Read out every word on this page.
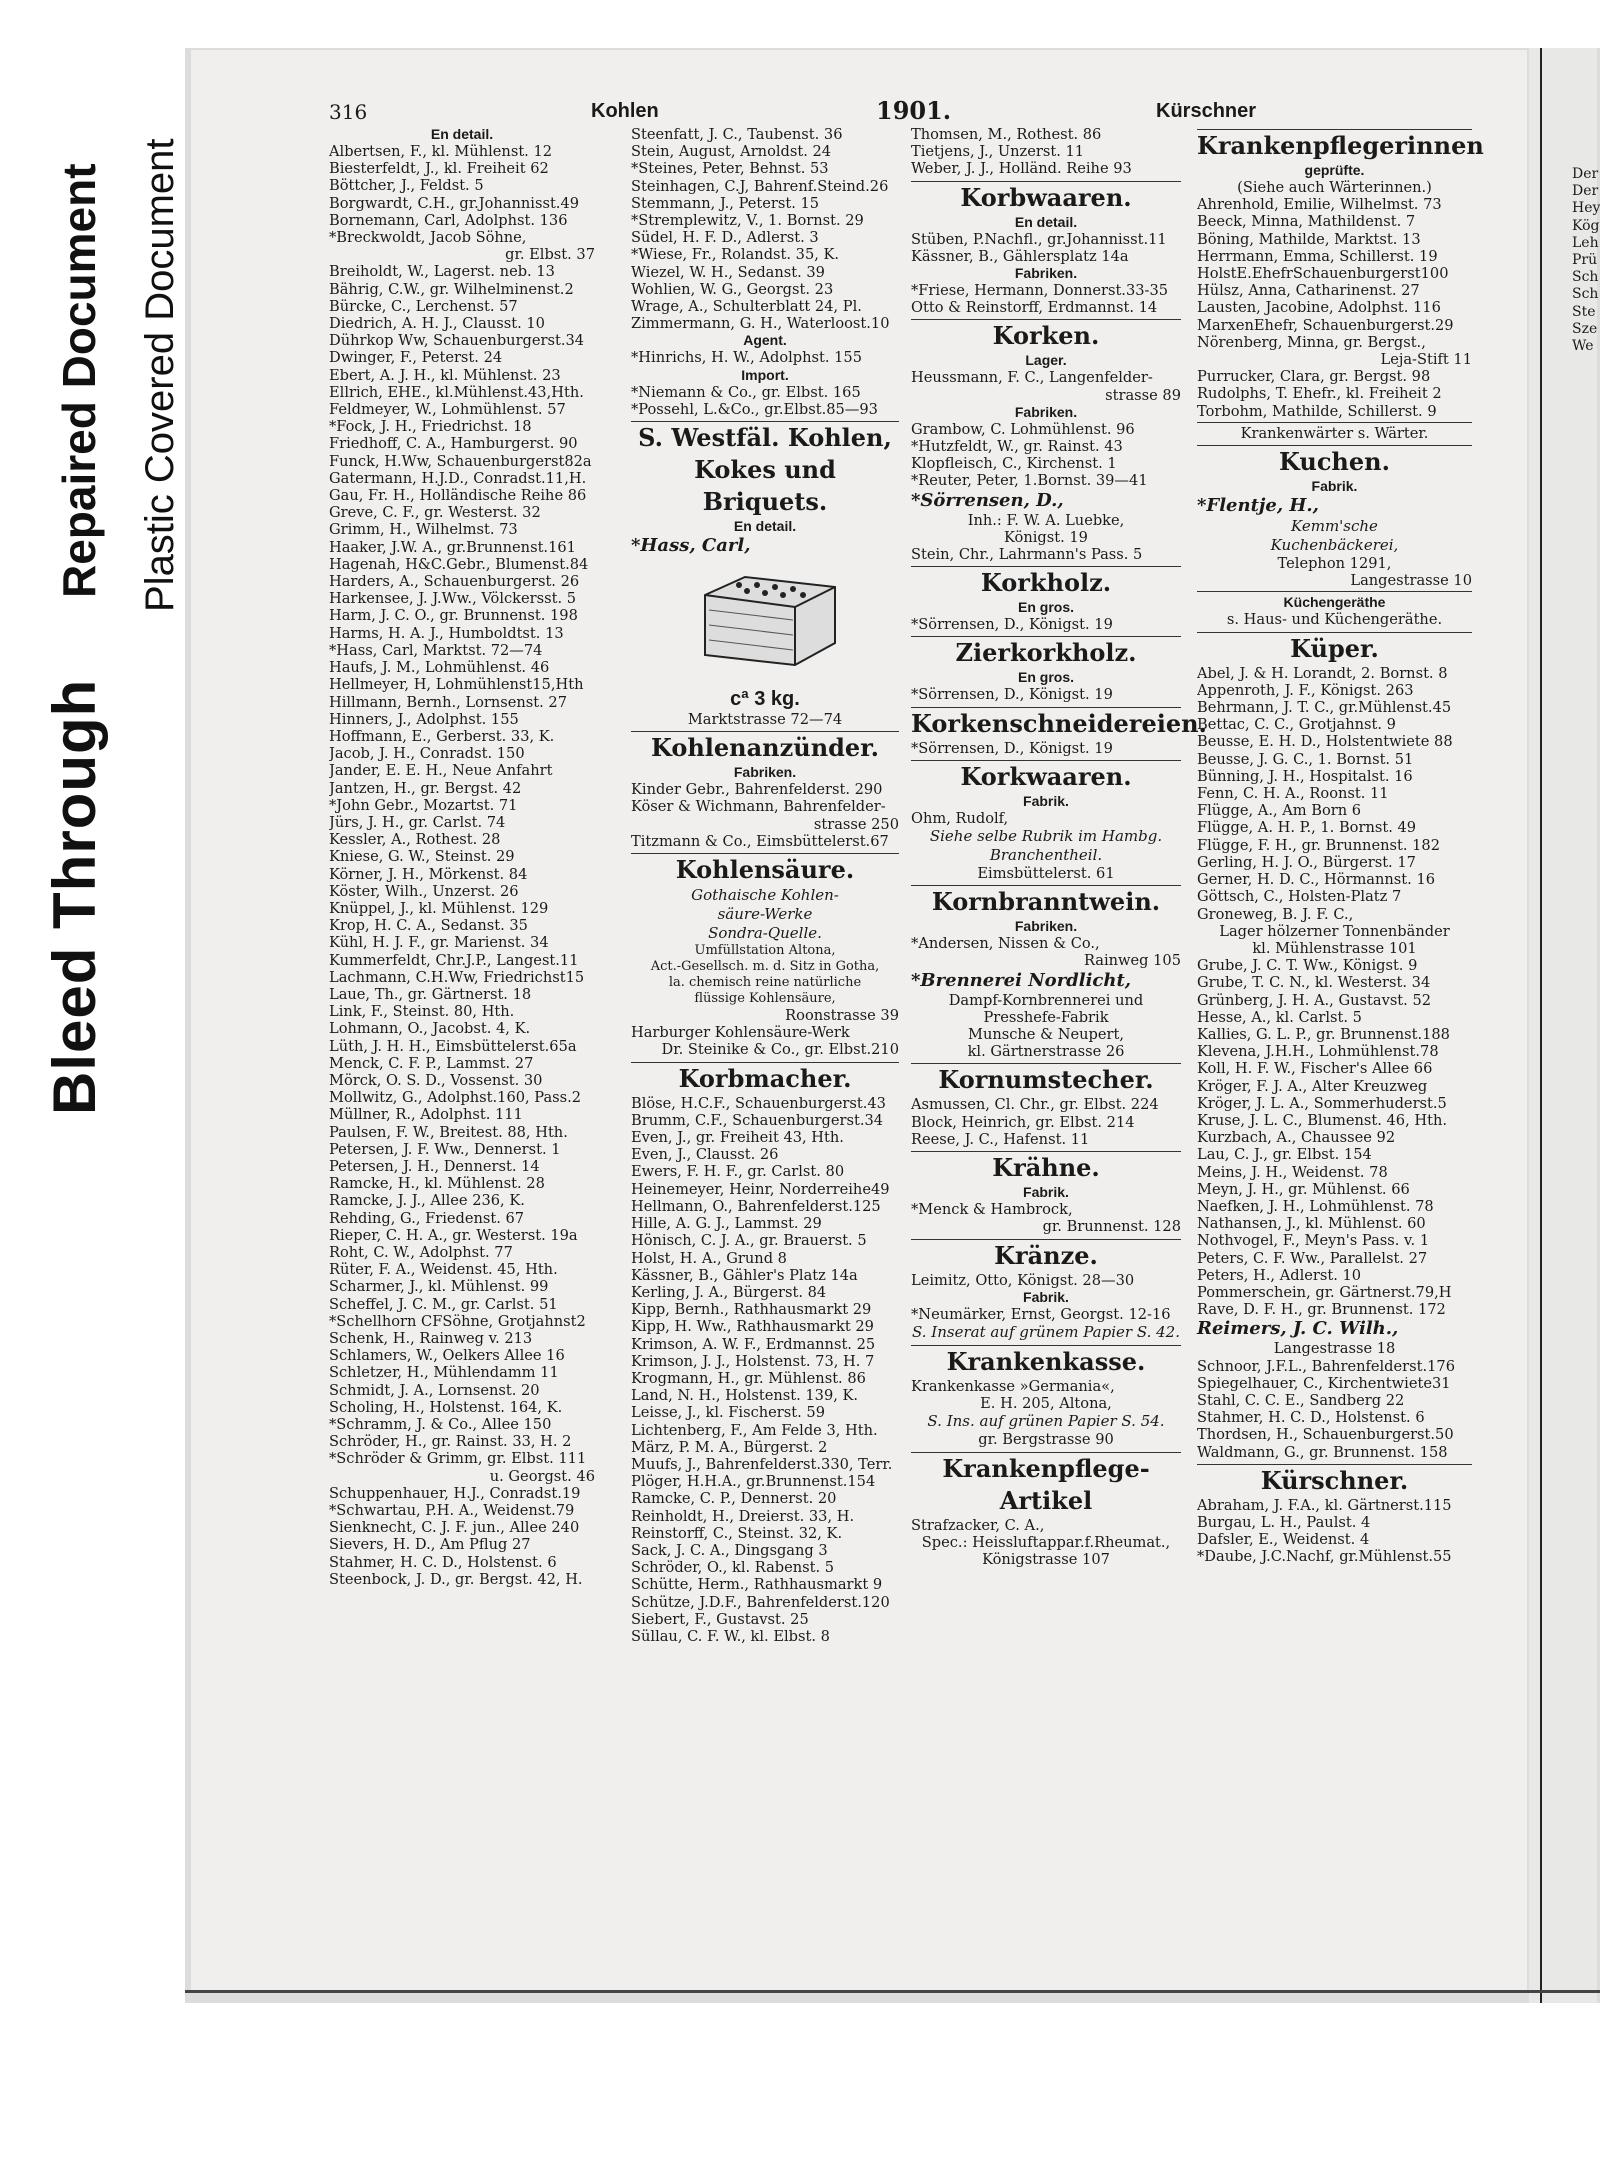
Bleed Through
Repaired Document Plastic Covered Document
316	Kohlen	1901.	Kürschner
En detail.
Albertsen, F., kl. Mühlenst. 12
Biesterfeldt, J., kl. Freiheit 62
Böttcher, J., Feldst. 5
Borgwardt, C.H., gr.Johannisst.49
Bornemann, Carl, Adolphst. 136
*Breckwoldt, Jacob Söhne,
gr. Elbst. 37
Breiholdt, W., Lagerst. neb. 13
Bährig, C.W., gr. Wilhelminenst.2
Bürcke, C., Lerchenst. 57
Diedrich, A. H. J., Clausst. 10
Dührkop Ww, Schauenburgerst.34
Dwinger, F., Peterst. 24
Ebert, A. J. H., kl. Mühlenst. 23
Ellrich, EHE., kl.Mühlenst.43,Hth.
Feldmeyer, W., Lohmühlenst. 57
*Fock, J. H., Friedrichst. 18
Friedhoff, C. A., Hamburgerst. 90
Funck, H.Ww, Schauenburgerst82a
Gatermann, H.J.D., Conradst.11,H.
Gau, Fr. H., Holländische Reihe 86
Greve, C. F., gr. Westerst. 32
Grimm, H., Wilhelmst. 73
Haaker, J.W. A., gr.Brunnenst.161
Hagenah, H&C.Gebr., Blumenst.84
Harders, A., Schauenburgerst. 26
Harkensee, J. J.Ww., Völckersst. 5
Harm, J. C. O., gr. Brunnenst. 198
Harms, H. A. J., Humboldtst. 13
*Hass, Carl, Marktst. 72—74
Haufs, J. M., Lohmühlenst. 46
Hellmeyer, H, Lohmühlenst15,Hth
Hillmann, Bernh., Lornsenst. 27
Hinners, J., Adolphst. 155
Hoffmann, E., Gerberst. 33, K.
Jacob, J. H., Conradst. 150
Jander, E. E. H., Neue Anfahrt
Jantzen, H., gr. Bergst. 42
*John Gebr., Mozartst. 71
Jürs, J. H., gr. Carlst. 74
Kessler, A., Rothest. 28
Kniese, G. W., Steinst. 29
Körner, J. H., Mörkenst. 84
Köster, Wilh., Unzerst. 26
Knüppel, J., kl. Mühlenst. 129
Krop, H. C. A., Sedanst. 35
Kühl, H. J. F., gr. Marienst. 34
Kummerfeldt, Chr.J.P., Langest.11
Lachmann, C.H.Ww, Friedrichst15
Laue, Th., gr. Gärtnerst. 18
Link, F., Steinst. 80, Hth.
Lohmann, O., Jacobst. 4, K.
Lüth, J. H. H., Eimsbüttelerst.65a
Menck, C. F. P., Lammst. 27
Mörck, O. S. D., Vossenst. 30
Mollwitz, G., Adolphst.160, Pass.2
Müllner, R., Adolphst. 111
Paulsen, F. W., Breitest. 88, Hth.
Petersen, J. F. Ww., Dennerst. 1
Petersen, J. H., Dennerst. 14
Ramcke, H., kl. Mühlenst. 28
Ramcke, J. J., Allee 236, K.
Rehding, G., Friedenst. 67
Rieper, C. H. A., gr. Westerst. 19a
Roht, C. W., Adolphst. 77
Rüter, F. A., Weidenst. 45, Hth.
Scharmer, J., kl. Mühlenst. 99
Scheffel, J. C. M., gr. Carlst. 51
*Schellhorn CFSöhne, Grotjahnst2
Schenk, H., Rainweg v. 213
Schlamers, W., Oelkers Allee 16
Schletzer, H., Mühlendamm 11
Schmidt, J. A., Lornsenst. 20
Scholing, H., Holstenst. 164, K.
*Schramm, J. & Co., Allee 150
Schröder, H., gr. Rainst. 33, H. 2
*Schröder & Grimm, gr. Elbst. 111
u. Georgst. 46
Schuppenhauer, H.J., Conradst.19
*Schwartau, P.H. A., Weidenst.79
Sienknecht, C. J. F. jun., Allee 240
Sievers, H. D., Am Pflug 27
Stahmer, H. C. D., Holstenst. 6
Steenbock, J. D., gr. Bergst. 42, H.
Steenfatt, J. C., Taubenst. 36
Stein, August, Arnoldst. 24
*Steines, Peter, Behnst. 53
Steinhagen, C.J, Bahrenf.Steind.26
Stemmann, J., Peterst. 15
*Stremplewitz, V., 1. Bornst. 29
Südel, H. F. D., Adlerst. 3
*Wiese, Fr., Rolandst. 35, K.
Wiezel, W. H., Sedanst. 39
Wohlien, W. G., Georgst. 23
Wrage, A., Schulterblatt 24, Pl.
Zimmermann, G. H., Waterloost.10
Agent.
*Hinrichs, H. W., Adolphst. 155
Import.
*Niemann & Co., gr. Elbst. 165
*Possehl, L.&Co., gr.Elbst.85—93
S. Westfäl. Kohlen, Kokes und Briquets.
En detail.
*Hass, Carl,
cª 3 kg.
Marktstrasse 72—74
Kohlenanzünder.
Fabriken.
Kinder Gebr., Bahrenfelderst. 290
Köser & Wichmann, Bahrenfelder-
strasse 250
Titzmann & Co., Eimsbüttelerst.67
Kohlensäure.
Gothaische Kohlen-
säure-Werke
Sondra-Quelle.
Umfüllstation Altona,
Act.-Gesellsch. m. d. Sitz in Gotha,
la. chemisch reine natürliche
flüssige Kohlensäure,
Roonstrasse 39
Harburger Kohlensäure-Werk
Dr. Steinike & Co., gr. Elbst.210
Korbmacher.
Blöse, H.C.F., Schauenburgerst.43
Brumm, C.F., Schauenburgerst.34
Even, J., gr. Freiheit 43, Hth.
Even, J., Clausst. 26
Ewers, F. H. F., gr. Carlst. 80
Heinemeyer, Heinr, Norderreihe49
Hellmann, O., Bahrenfelderst.125
Hille, A. G. J., Lammst. 29
Hönisch, C. J. A., gr. Brauerst. 5
Holst, H. A., Grund 8
Kässner, B., Gähler's Platz 14a
Kerling, J. A., Bürgerst. 84
Kipp, Bernh., Rathhausmarkt 29
Kipp, H. Ww., Rathhausmarkt 29
Krimson, A. W. F., Erdmannst. 25
Krimson, J. J., Holstenst. 73, H. 7
Krogmann, H., gr. Mühlenst. 86
Land, N. H., Holstenst. 139, K.
Leisse, J., kl. Fischerst. 59
Lichtenberg, F., Am Felde 3, Hth.
März, P. M. A., Bürgerst. 2
Muufs, J., Bahrenfelderst.330, Terr.
Plöger, H.H.A., gr.Brunnenst.154
Ramcke, C. P., Dennerst. 20
Reinholdt, H., Dreierst. 33, H.
Reinstorff, C., Steinst. 32, K.
Sack, J. C. A., Dingsgang 3
Schröder, O., kl. Rabenst. 5
Schütte, Herm., Rathhausmarkt 9
Schütze, J.D.F., Bahrenfelderst.120
Siebert, F., Gustavst. 25
Süllau, C. F. W., kl. Elbst. 8
Thomsen, M., Rothest. 86
Tietjens, J., Unzerst. 11
Weber, J. J., Holländ. Reihe 93
Korbwaaren.
En detail.
Stüben, P.Nachfl., gr.Johannisst.11
Kässner, B., Gählersplatz 14a
Fabriken.
*Friese, Hermann, Donnerst.33-35
Otto & Reinstorff, Erdmannst. 14
Korken.
Lager.
Heussmann, F. C., Langenfelder-
strasse 89
Fabriken.
Grambow, C. Lohmühlenst. 96
*Hutzfeldt, W., gr. Rainst. 43
Klopfleisch, C., Kirchenst. 1
*Reuter, Peter, 1.Bornst. 39—41
*Sörrensen, D.,
Inh.: F. W. A. Luebke,
Königst. 19
Stein, Chr., Lahrmann's Pass. 5
Korkholz.
En gros.
*Sörrensen, D., Königst. 19
Zierkorkholz.
En gros.
*Sörrensen, D., Königst. 19
Korkenschneidereien.
*Sörrensen, D., Königst. 19
Korkwaaren.
Fabrik.
Ohm, Rudolf,
Siehe selbe Rubrik im Hambg. Branchentheil.
Eimsbüttelerst. 61
Kornbranntwein.
Fabriken.
*Andersen, Nissen & Co.,
Rainweg 105
*Brennerei Nordlicht,
Dampf-Kornbrennerei und
Presshefe-Fabrik
Munsche & Neupert,
kl. Gärtnerstrasse 26
Kornumstecher.
Asmussen, Cl. Chr., gr. Elbst. 224
Block, Heinrich, gr. Elbst. 214
Reese, J. C., Hafenst. 11
Krähne.
Fabrik.
*Menck & Hambrock,
gr. Brunnenst. 128
Kränze.
Leimitz, Otto, Königst. 28—30
Fabrik.
*Neumärker, Ernst, Georgst. 12-16
S. Inserat auf grünem Papier S. 42.
Krankenkasse.
Krankenkasse »Germania«,
E. H. 205, Altona,
S. Ins. auf grünen Papier S. 54.
gr. Bergstrasse 90
Krankenpflege- Artikel
Strafzacker, C. A.,
Spec.: Heissluftappar.f.Rheumat.,
Königstrasse 107
Krankenpflegerinnen
geprüfte.
(Siehe auch Wärterinnen.)
Ahrenhold, Emilie, Wilhelmst. 73
Beeck, Minna, Mathildenst. 7
Böning, Mathilde, Marktst. 13
Herrmann, Emma, Schillerst. 19
HolstE.EhefrSchauenburgerst100
Hülsz, Anna, Catharinenst. 27
Lausten, Jacobine, Adolphst. 116
MarxenEhefr, Schauenburgerst.29
Nörenberg, Minna, gr. Bergst.,
Leja-Stift 11
Purrucker, Clara, gr. Bergst. 98
Rudolphs, T. Ehefr., kl. Freiheit 2
Torbohm, Mathilde, Schillerst. 9
Krankenwärter s. Wärter.
Kuchen.
Fabrik.
*Flentje, H.,
Kemm'sche
Kuchenbäckerei,
Telephon 1291,
Langestrasse 10
Küchengeräthe
s. Haus- und Küchengeräthe.
Küper.
Abel, J. & H. Lorandt, 2. Bornst. 8
Appenroth, J. F., Königst. 263
Behrmann, J. T. C., gr.Mühlenst.45
Bettac, C. C., Grotjahnst. 9
Beusse, E. H. D., Holstentwiete 88
Beusse, J. G. C., 1. Bornst. 51
Bünning, J. H., Hospitalst. 16
Fenn, C. H. A., Roonst. 11
Flügge, A., Am Born 6
Flügge, A. H. P., 1. Bornst. 49
Flügge, F. H., gr. Brunnenst. 182
Gerling, H. J. O., Bürgerst. 17
Gerner, H. D. C., Hörmannst. 16
Göttsch, C., Holsten-Platz 7
Groneweg, B. J. F. C.,
Lager hölzerner Tonnenbänder
kl. Mühlenstrasse 101
Grube, J. C. T. Ww., Königst. 9
Grube, T. C. N., kl. Westerst. 34
Grünberg, J. H. A., Gustavst. 52
Hesse, A., kl. Carlst. 5
Kallies, G. L. P., gr. Brunnenst.188
Klevena, J.H.H., Lohmühlenst.78
Koll, H. F. W., Fischer's Allee 66
Kröger, F. J. A., Alter Kreuzweg
Kröger, J. L. A., Sommerhuderst.5
Kruse, J. L. C., Blumenst. 46, Hth.
Kurzbach, A., Chaussee 92
Lau, C. J., gr. Elbst. 154
Meins, J. H., Weidenst. 78
Meyn, J. H., gr. Mühlenst. 66
Naefken, J. H., Lohmühlenst. 78
Nathansen, J., kl. Mühlenst. 60
Nothvogel, F., Meyn's Pass. v. 1
Peters, C. F. Ww., Parallelst. 27
Peters, H., Adlerst. 10
Pommerschein, gr. Gärtnerst.79,H
Rave, D. F. H., gr. Brunnenst. 172
Reimers, J. C. Wilh.,
Langestrasse 18
Schnoor, J.F.L., Bahrenfelderst.176
Spiegelhauer, C., Kirchentwiete31
Stahl, C. C. E., Sandberg 22
Stahmer, H. C. D., Holstenst. 6
Thordsen, H., Schauenburgerst.50
Waldmann, G., gr. Brunnenst. 158
Kürschner.
Abraham, J. F.A., kl. Gärtnerst.115
Burgau, L. H., Paulst. 4
Dafsler, E., Weidenst. 4
*Daube, J.C.Nachf, gr.Mühlenst.55
Der
Der
Hey
Kög
Leh
Prü
Sch
Sch
Ste
Sze
We
